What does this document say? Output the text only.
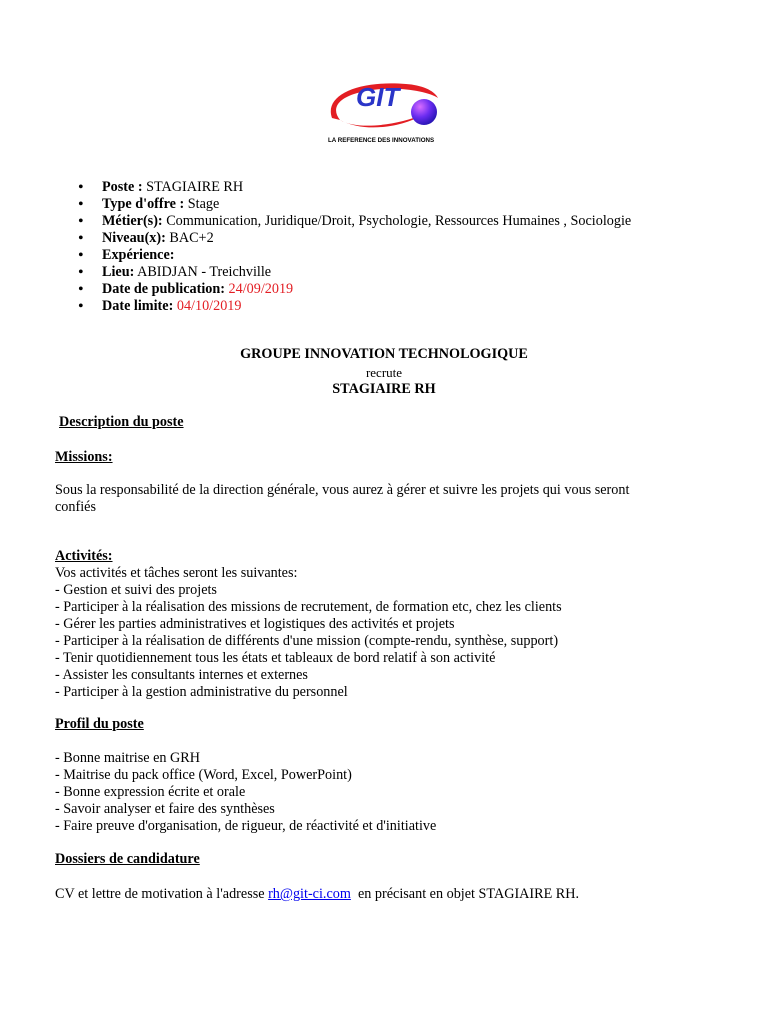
GIT
LA REFERENCE DES INNOVATIONS
• Poste : STAGIAIRE RH
• Type d'offre : Stage
• Métier(s): Communication, Juridique/Droit, Psychologie, Ressources Humaines , Sociologie
• Niveau(x): BAC+2
• Expérience:
• Lieu: ABIDJAN - Treichville
• Date de publication: 24/09/2019
• Date limite: 04/10/2019
GROUPE INNOVATION TECHNOLOGIQUE
recrute
STAGIAIRE RH
Description du poste
Missions:
Sous la responsabilité de la direction générale, vous aurez à gérer et suivre les projets qui vous seront
confiés
Activités:
Vos activités et tâches seront les suivantes:
- Gestion et suivi des projets
- Participer à la réalisation des missions de recrutement, de formation etc, chez les clients
- Gérer les parties administratives et logistiques des activités et projets
- Participer à la réalisation de différents d'une mission (compte-rendu, synthèse, support)
- Tenir quotidiennement tous les états et tableaux de bord relatif à son activité
- Assister les consultants internes et externes
- Participer à la gestion administrative du personnel
Profil du poste
- Bonne maitrise en GRH
- Maitrise du pack office (Word, Excel, PowerPoint)
- Bonne expression écrite et orale
- Savoir analyser et faire des synthèses
- Faire preuve d'organisation, de rigueur, de réactivité et d'initiative
Dossiers de candidature
CV et lettre de motivation à l'adresse rh@git-ci.com  en précisant en objet STAGIAIRE RH.
